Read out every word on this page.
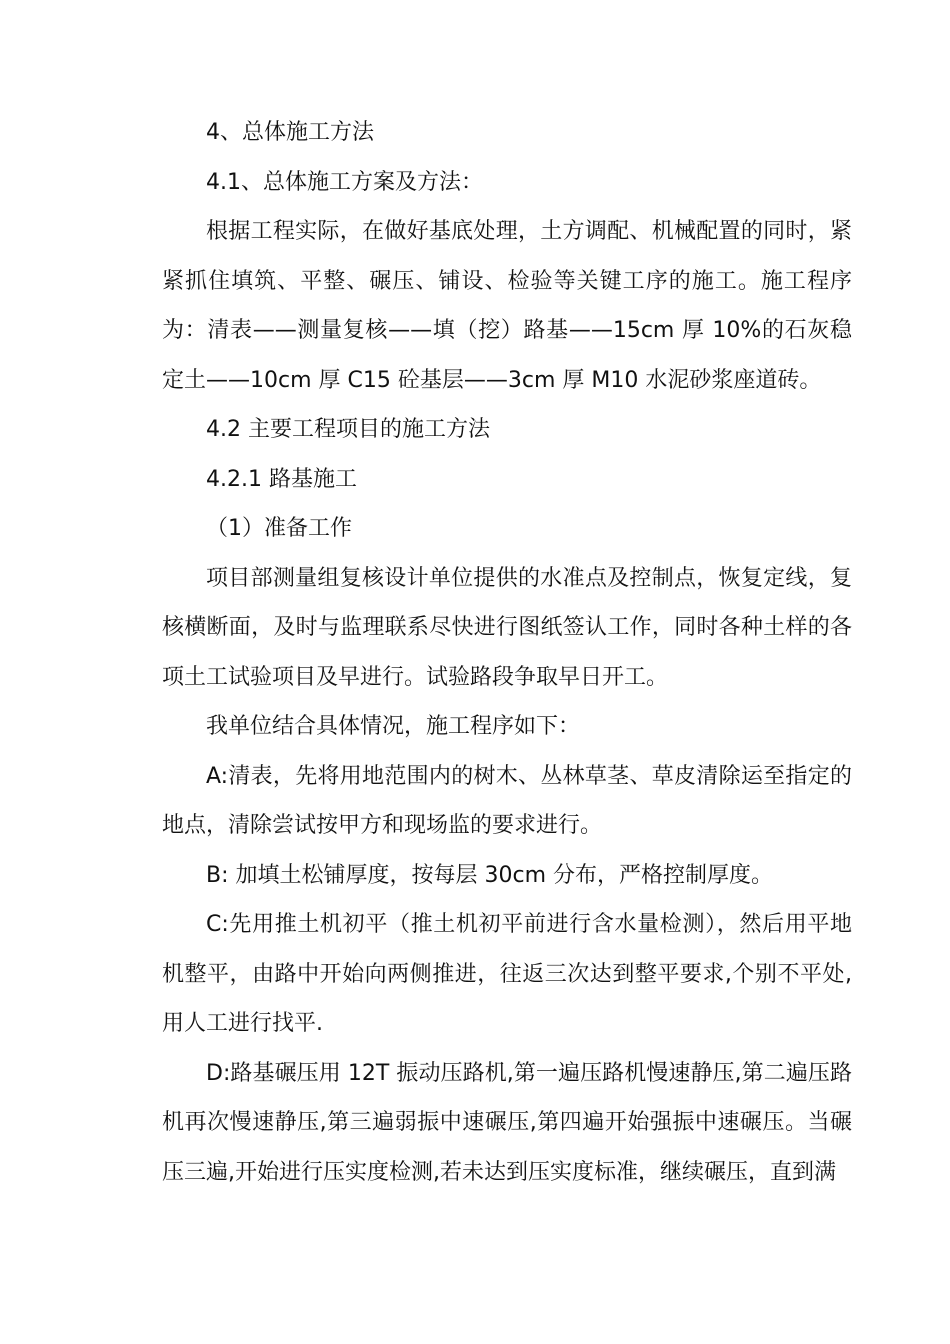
4、总体施工方法

4.1、总体施工方案及方法：

根据工程实际，在做好基底处理，土方调配、机械配置的同时，紧紧抓住填筑、平整、碾压、铺设、检验等关键工序的施工。施工程序为：清表——测量复核——填（挖）路基——15cm 厚 10%的石灰稳定土——10cm 厚 C15 砼基层——3cm 厚 M10 水泥砂浆座道砖。

4.2 主要工程项目的施工方法

4.2.1 路基施工

（1）准备工作

项目部测量组复核设计单位提供的水准点及控制点，恢复定线，复核横断面，及时与监理联系尽快进行图纸签认工作，同时各种土样的各项土工试验项目及早进行。试验路段争取早日开工。

我单位结合具体情况，施工程序如下：

A:清表，先将用地范围内的树木、丛林草茎、草皮清除运至指定的地点，清除尝试按甲方和现场监的要求进行。

B: 加填土松铺厚度，按每层 30cm 分布，严格控制厚度。

C:先用推土机初平（推土机初平前进行含水量检测），然后用平地机整平，由路中开始向两侧推进，往返三次达到整平要求,个别不平处,用人工进行找平.

D:路基碾压用 12T 振动压路机,第一遍压路机慢速静压,第二遍压路机再次慢速静压,第三遍弱振中速碾压,第四遍开始强振中速碾压。当碾压三遍,开始进行压实度检测,若未达到压实度标准，继续碾压，直到满
